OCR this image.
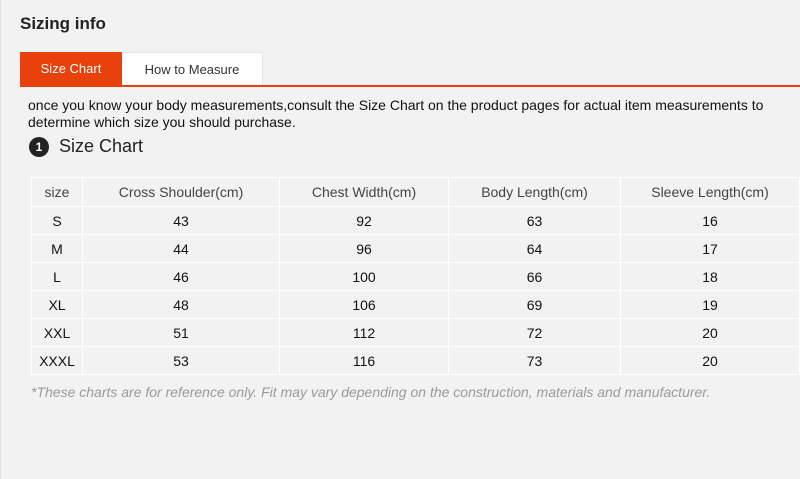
Sizing info
Size Chart	How to Measure
once you know your body measurements,consult the Size Chart on the product pages for actual item measurements to determine which size you should purchase.
1 Size Chart
size	Cross Shoulder(cm)	Chest Width(cm)	Body Length(cm)	Sleeve Length(cm)
S	43	92	63	16
M	44	96	64	17
L	46	100	66	18
XL	48	106	69	19
XXL	51	112	72	20
XXXL	53	116	73	20
*These charts are for reference only. Fit may vary depending on the construction, materials and manufacturer.
